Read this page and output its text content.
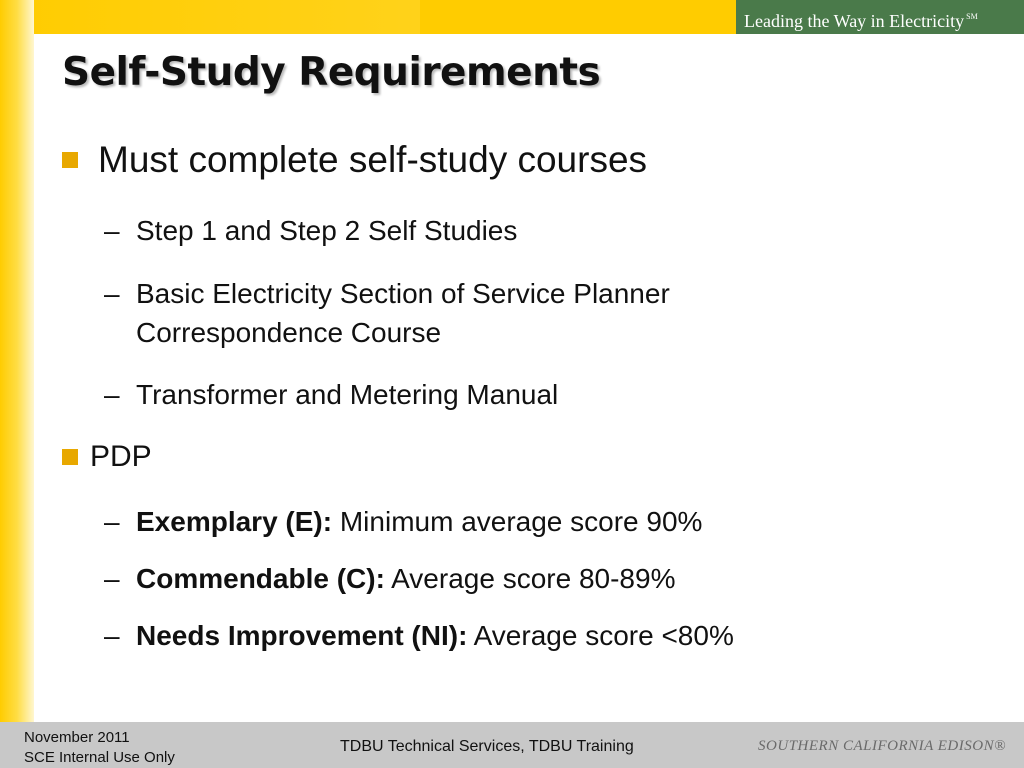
Leading the Way in Electricity ℠
Self-Study Requirements
Must complete self-study courses
– Step 1 and Step 2 Self Studies
– Basic Electricity Section of Service Planner
Correspondence Course
– Transformer and Metering Manual
PDP
– Exemplary (E): Minimum average score 90%
– Commendable (C): Average score 80-89%
– Needs Improvement (NI): Average score <80%
November 2011
SCE Internal Use Only
TDBU Technical Services, TDBU Training	SOUTHERN CALIFORNIA EDISON®
